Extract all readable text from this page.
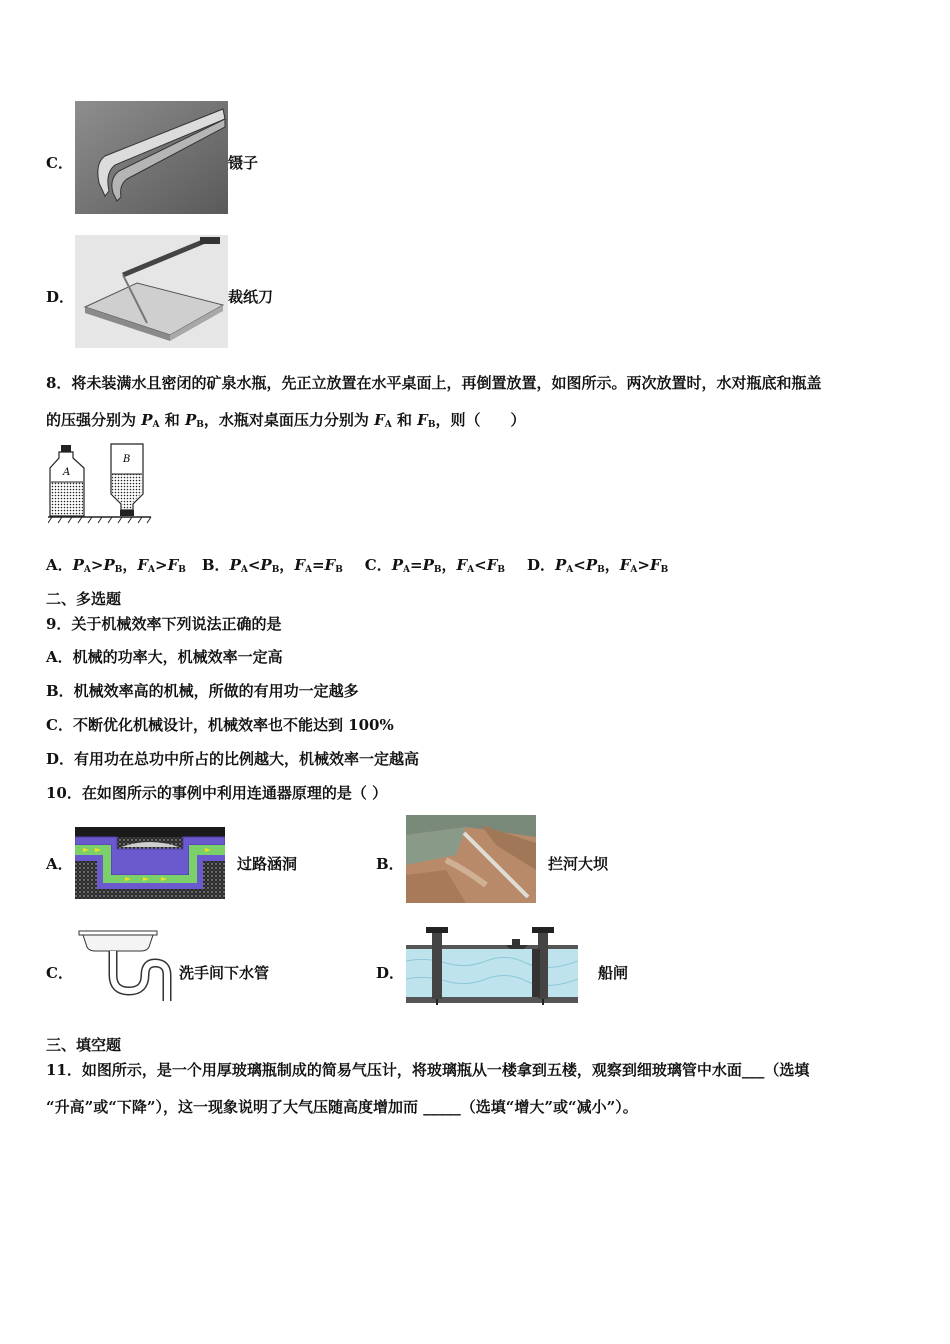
C．	镊子
D．	裁纸刀
8．将未装满水且密闭的矿泉水瓶，先正立放置在水平桌面上，再倒置放置，如图所示。两次放置时，水对瓶底和瓶盖
的压强分别为 $P_A$ 和 $P_B$，水瓶对桌面压力分别为 $F_A$ 和 $F_B$，则（　　）
A
B
A．$P_A>P_B$，$F_A>F_B$ B．$P_A<P_B$，$F_A=F_B$ C．$P_A=P_B$，$F_A<F_B$ D．$P_A<P_B$，$F_A>F_B$
二、多选题
9．关于机械效率下列说法正确的是
A．机械的功率大，机械效率一定高
B．机械效率高的机械，所做的有用功一定越多
C．不断优化机械设计，机械效率也不能达到 100%
D．有用功在总功中所占的比例越大，机械效率一定越高
10．在如图所示的事例中利用连通器原理的是（ ）
A．	过路涵洞	B．	拦河大坝
C．	洗手间下水管	D．	船闸
三、填空题
11．如图所示，是一个用厚玻璃瓶制成的简易气压计，将玻璃瓶从一楼拿到五楼，观察到细玻璃管中水面___（选填
“升高”或“下降”），这一现象说明了大气压随高度增加而 _____（选填“增大”或“减小”）。
